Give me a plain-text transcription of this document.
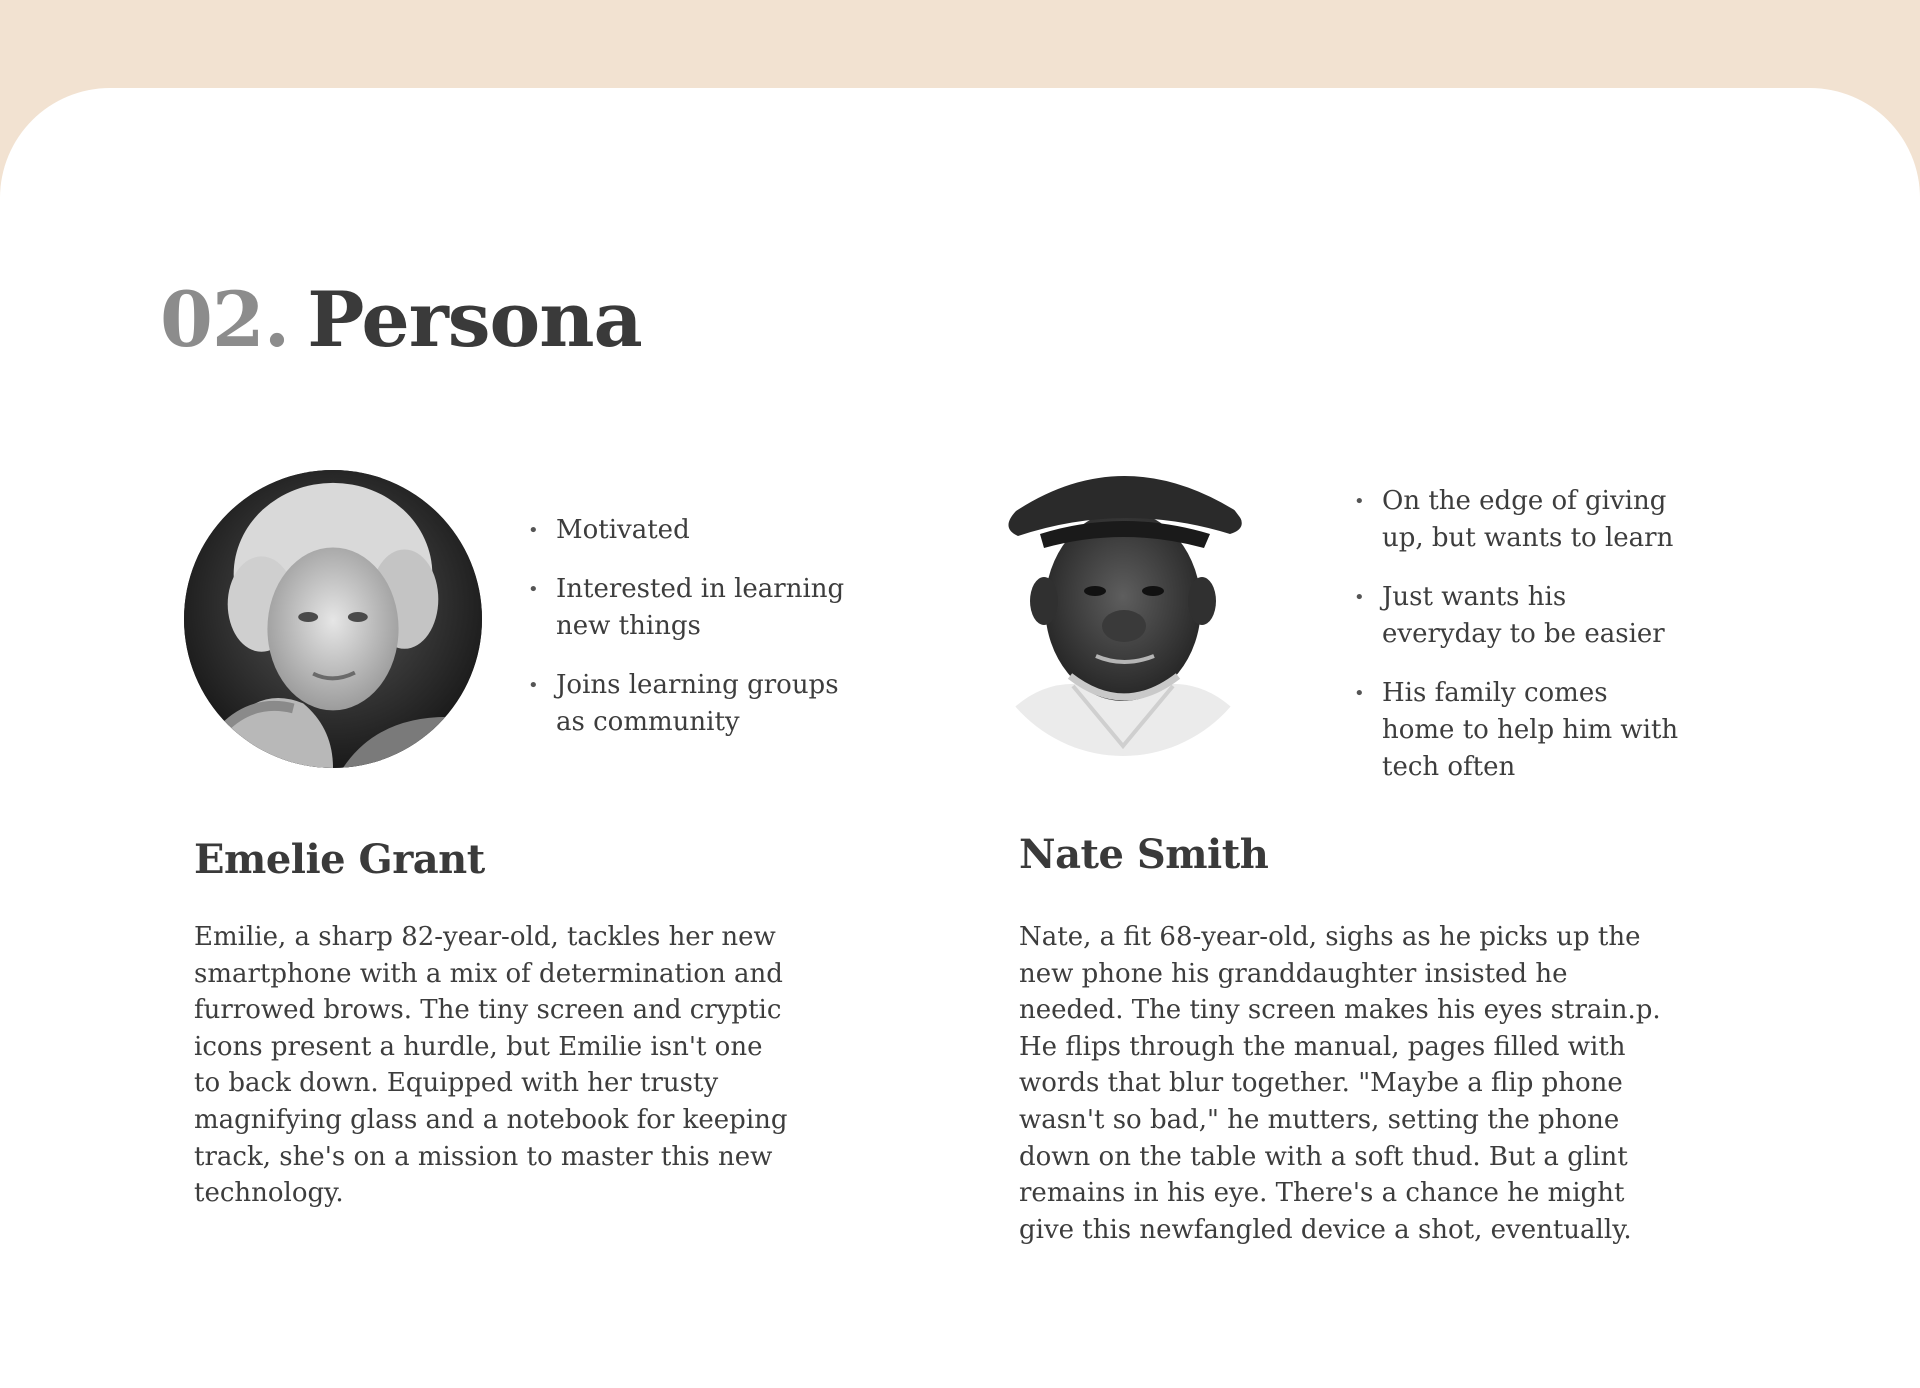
02. Persona
• Motivated
• Interested in learning new things
• Joins learning groups as community
Emelie Grant

Emilie, a sharp 82-year-old, tackles her new smartphone with a mix of determination and furrowed brows. The tiny screen and cryptic icons present a hurdle, but Emilie isn't one to back down. Equipped with her trusty magnifying glass and a notebook for keeping track, she's on a mission to master this new technology.

• On the edge of giving up, but wants to learn
• Just wants his everyday to be easier
• His family comes home to help him with tech often
Nate Smith

Nate, a fit 68-year-old, sighs as he picks up the new phone his granddaughter insisted he needed. The tiny screen makes his eyes strain.p. He flips through the manual, pages filled with words that blur together. "Maybe a flip phone wasn't so bad," he mutters, setting the phone down on the table with a soft thud. But a glint remains in his eye. There's a chance he might give this newfangled device a shot, eventually.
